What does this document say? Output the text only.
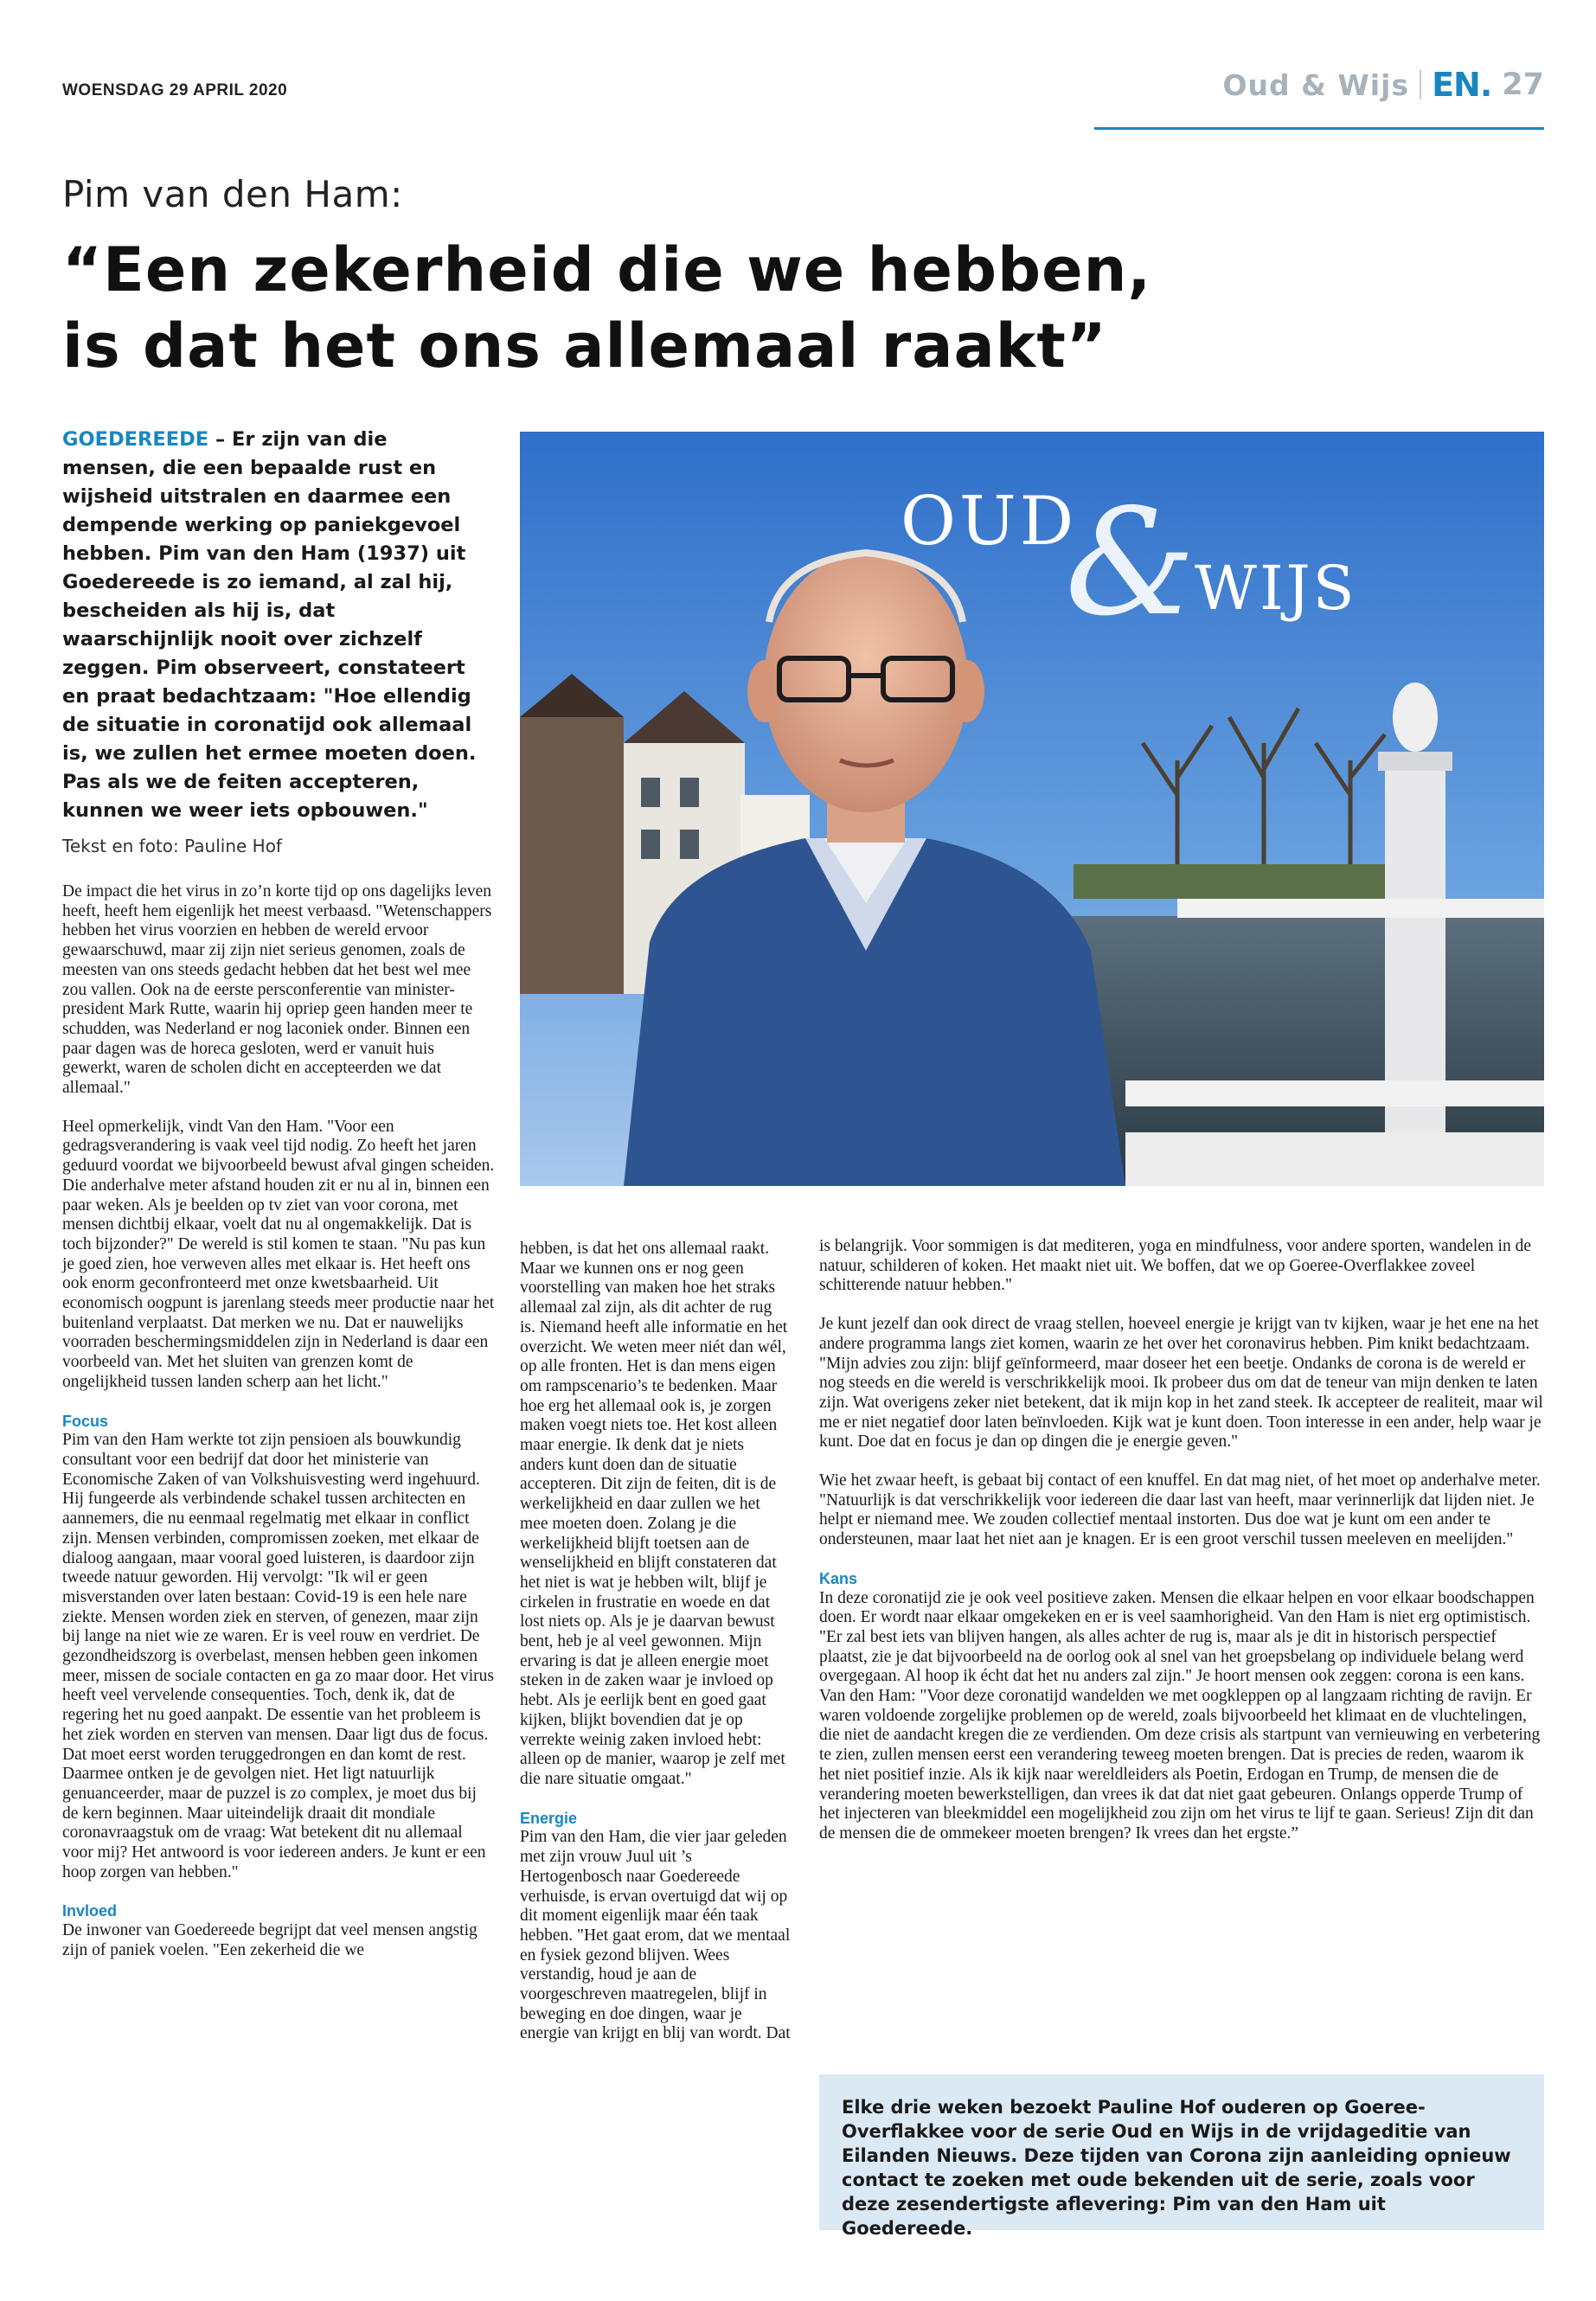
WOENSDAG 29 APRIL 2020	Oud & Wijs EN. 27
Pim van den Ham:
“Een zekerheid die we hebben,
is dat het ons allemaal raakt”
GOEDEREEDE – Er zijn van die mensen, die een bepaalde rust en wijsheid uitstralen en daarmee een dempende werking op paniekgevoel hebben. Pim van den Ham (1937) uit Goedereede is zo iemand, al zal hij, bescheiden als hij is, dat waarschijnlijk nooit over zichzelf zeggen. Pim observeert, constateert en praat bedachtzaam: "Hoe ellendig de situatie in coronatijd ook allemaal is, we zullen het ermee moeten doen. Pas als we de feiten accepteren, kunnen we weer iets opbouwen."
Tekst en foto: Pauline Hof
OUD
&
WIJS

De impact die het virus in zo’n korte tijd op ons dagelijks leven heeft, heeft hem eigenlijk het meest verbaasd. "Wetenschappers hebben het virus voorzien en hebben de wereld ervoor gewaarschuwd, maar zij zijn niet serieus genomen, zoals de meesten van ons steeds gedacht hebben dat het best wel mee zou vallen. Ook na de eerste persconferentie van minister-president Mark Rutte, waarin hij opriep geen handen meer te schudden, was Nederland er nog laconiek onder. Binnen een paar dagen was de horeca gesloten, werd er vanuit huis gewerkt, waren de scholen dicht en accepteerden we dat allemaal."

Heel opmerkelijk, vindt Van den Ham. "Voor een gedragsverandering is vaak veel tijd nodig. Zo heeft het jaren geduurd voordat we bijvoorbeeld bewust afval gingen scheiden. Die anderhalve meter afstand houden zit er nu al in, binnen een paar weken. Als je beelden op tv ziet van voor corona, met mensen dichtbij elkaar, voelt dat nu al ongemakkelijk. Dat is toch bijzonder?" De wereld is stil komen te staan. "Nu pas kun je goed zien, hoe verweven alles met elkaar is. Het heeft ons ook enorm geconfronteerd met onze kwetsbaarheid. Uit economisch oogpunt is jarenlang steeds meer productie naar het buitenland verplaatst. Dat merken we nu. Dat er nauwelijks voorraden beschermingsmiddelen zijn in Nederland is daar een voorbeeld van. Met het sluiten van grenzen komt de ongelijkheid tussen landen scherp aan het licht."

Focus

Pim van den Ham werkte tot zijn pensioen als bouwkundig consultant voor een bedrijf dat door het ministerie van Economische Zaken of van Volkshuisvesting werd ingehuurd. Hij fungeerde als verbindende schakel tussen architecten en aannemers, die nu eenmaal regelmatig met elkaar in conflict zijn. Mensen verbinden, compromissen zoeken, met elkaar de dialoog aangaan, maar vooral goed luisteren, is daardoor zijn tweede natuur geworden. Hij vervolgt: "Ik wil er geen misverstanden over laten bestaan: Covid-19 is een hele nare ziekte. Mensen worden ziek en sterven, of genezen, maar zijn bij lange na niet wie ze waren. Er is veel rouw en verdriet. De gezondheidszorg is overbelast, mensen hebben geen inkomen meer, missen de sociale contacten en ga zo maar door. Het virus heeft veel vervelende consequenties. Toch, denk ik, dat de regering het nu goed aanpakt. De essentie van het probleem is het ziek worden en sterven van mensen. Daar ligt dus de focus. Dat moet eerst worden teruggedrongen en dan komt de rest. Daarmee ontken je de gevolgen niet. Het ligt natuurlijk genuanceerder, maar de puzzel is zo complex, je moet dus bij de kern beginnen. Maar uiteindelijk draait dit mondiale coronavraagstuk om de vraag: Wat betekent dit nu allemaal voor mij? Het antwoord is voor iedereen anders. Je kunt er een hoop zorgen van hebben."

Invloed

De inwoner van Goedereede begrijpt dat veel mensen angstig zijn of paniek voelen. "Een zekerheid die we

hebben, is dat het ons allemaal raakt. Maar we kunnen ons er nog geen voorstelling van maken hoe het straks allemaal zal zijn, als dit achter de rug is. Niemand heeft alle informatie en het overzicht. We weten meer niét dan wél, op alle fronten. Het is dan mens eigen om rampscenario’s te bedenken. Maar hoe erg het allemaal ook is, je zorgen maken voegt niets toe. Het kost alleen maar energie. Ik denk dat je niets anders kunt doen dan de situatie accepteren. Dit zijn de feiten, dit is de werkelijkheid en daar zullen we het mee moeten doen. Zolang je die werkelijkheid blijft toetsen aan de wenselijkheid en blijft constateren dat het niet is wat je hebben wilt, blijf je cirkelen in frustratie en woede en dat lost niets op. Als je je daarvan bewust bent, heb je al veel gewonnen. Mijn ervaring is dat je alleen energie moet steken in de zaken waar je invloed op hebt. Als je eerlijk bent en goed gaat kijken, blijkt bovendien dat je op verrekte weinig zaken invloed hebt: alleen op de manier, waarop je zelf met die nare situatie omgaat."

Energie

Pim van den Ham, die vier jaar geleden met zijn vrouw Juul uit ’s Hertogenbosch naar Goedereede verhuisde, is ervan overtuigd dat wij op dit moment eigenlijk maar één taak hebben. "Het gaat erom, dat we mentaal en fysiek gezond blijven. Wees verstandig, houd je aan de voorgeschreven maatregelen, blijf in beweging en doe dingen, waar je energie van krijgt en blij van wordt. Dat

is belangrijk. Voor sommigen is dat mediteren, yoga en mindfulness, voor andere sporten, wandelen in de natuur, schilderen of koken. Het maakt niet uit. We boffen, dat we op Goeree-Overflakkee zoveel schitterende natuur hebben."

Je kunt jezelf dan ook direct de vraag stellen, hoeveel energie je krijgt van tv kijken, waar je het ene na het andere programma langs ziet komen, waarin ze het over het coronavirus hebben. Pim knikt bedachtzaam. "Mijn advies zou zijn: blijf geïnformeerd, maar doseer het een beetje. Ondanks de corona is de wereld er nog steeds en die wereld is verschrikkelijk mooi. Ik probeer dus om dat de teneur van mijn denken te laten zijn. Wat overigens zeker niet betekent, dat ik mijn kop in het zand steek. Ik accepteer de realiteit, maar wil me er niet negatief door laten beïnvloeden. Kijk wat je kunt doen. Toon interesse in een ander, help waar je kunt. Doe dat en focus je dan op dingen die je energie geven."

Wie het zwaar heeft, is gebaat bij contact of een knuffel. En dat mag niet, of het moet op anderhalve meter. "Natuurlijk is dat verschrikkelijk voor iedereen die daar last van heeft, maar verinnerlijk dat lijden niet. Je helpt er niemand mee. We zouden collectief mentaal instorten. Dus doe wat je kunt om een ander te ondersteunen, maar laat het niet aan je knagen. Er is een groot verschil tussen meeleven en meelijden."

Kans

In deze coronatijd zie je ook veel positieve zaken. Mensen die elkaar helpen en voor elkaar boodschappen doen. Er wordt naar elkaar omgekeken en er is veel saamhorigheid. Van den Ham is niet erg optimistisch. "Er zal best iets van blijven hangen, als alles achter de rug is, maar als je dit in historisch perspectief plaatst, zie je dat bijvoorbeeld na de oorlog ook al snel van het groepsbelang op individuele belang werd overgegaan. Al hoop ik écht dat het nu anders zal zijn." Je hoort mensen ook zeggen: corona is een kans. Van den Ham: "Voor deze coronatijd wandelden we met oogkleppen op al langzaam richting de ravijn. Er waren voldoende zorgelijke problemen op de wereld, zoals bijvoorbeeld het klimaat en de vluchtelingen, die niet de aandacht kregen die ze verdienden. Om deze crisis als startpunt van vernieuwing en verbetering te zien, zullen mensen eerst een verandering teweeg moeten brengen. Dat is precies de reden, waarom ik het niet positief inzie. Als ik kijk naar wereldleiders als Poetin, Erdogan en Trump, de mensen die de verandering moeten bewerkstelligen, dan vrees ik dat dat niet gaat gebeuren. Onlangs opperde Trump of het injecteren van bleekmiddel een mogelijkheid zou zijn om het virus te lijf te gaan. Serieus! Zijn dit dan de mensen die de ommekeer moeten brengen? Ik vrees dan het ergste.”

Elke drie weken bezoekt Pauline Hof ouderen op Goeree-Overflakkee voor de serie Oud en Wijs in de vrijdageditie van Eilanden Nieuws. Deze tijden van Corona zijn aanleiding opnieuw contact te zoeken met oude bekenden uit de serie, zoals voor deze zesendertigste aflevering: Pim van den Ham uit Goedereede.
